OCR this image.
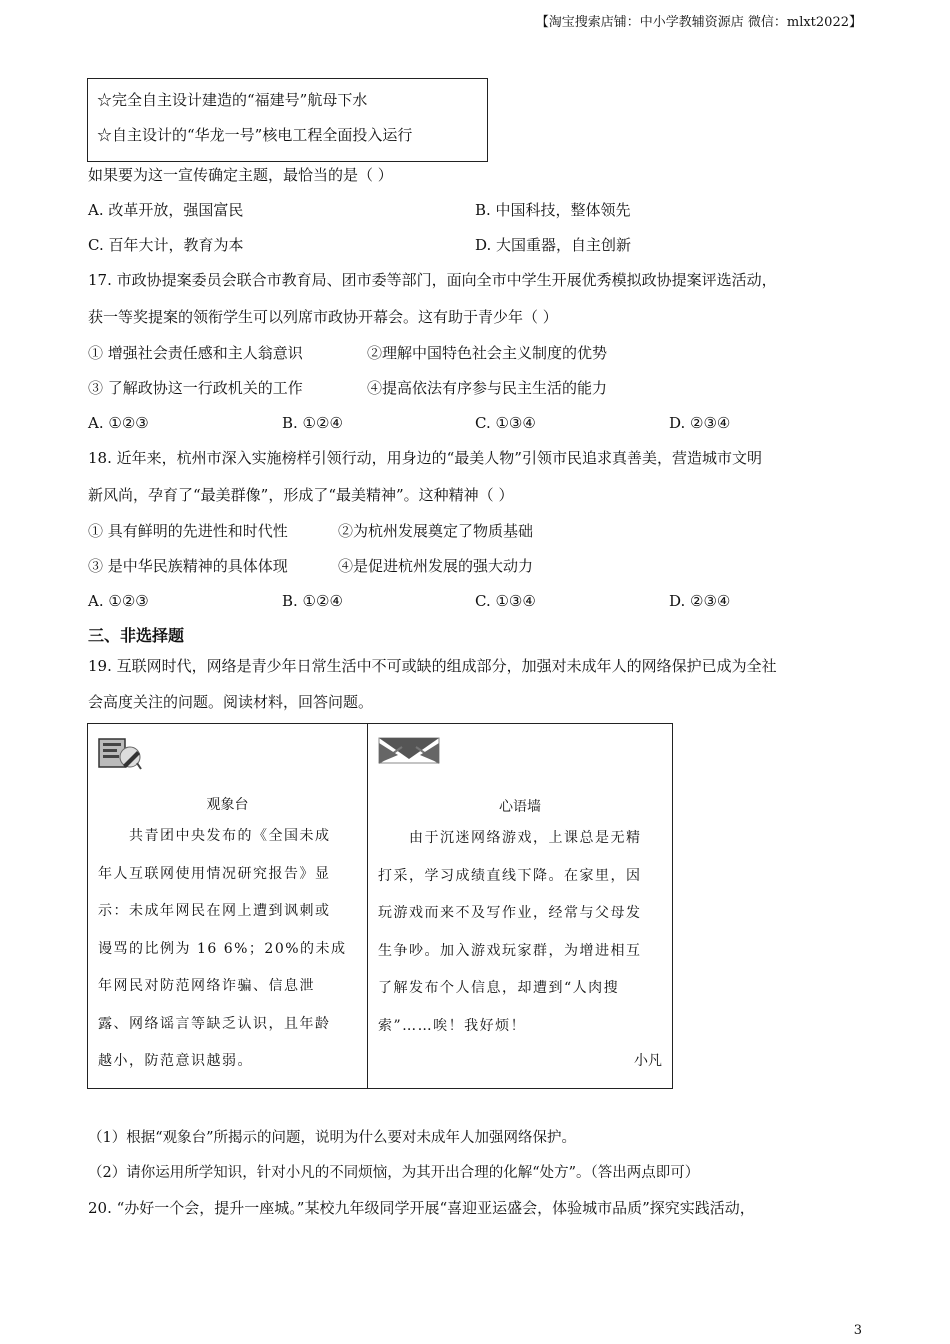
【淘宝搜索店铺：中小学教辅资源店 微信：mlxt2022】
☆完全自主设计建造的“福建号”航母下水
☆自主设计的“华龙一号”核电工程全面投入运行
如果要为这一宣传确定主题，最恰当的是（ ）
A. 改革开放，强国富民	B. 中国科技，整体领先
C. 百年大计，教育为本	D. 大国重器，自主创新
17. 市政协提案委员会联合市教育局、团市委等部门，面向全市中学生开展优秀模拟政协提案评选活动，
获一等奖提案的领衔学生可以列席市政协开幕会。这有助于青少年（ ）
① 增强社会责任感和主人翁意识	②理解中国特色社会主义制度的优势
③ 了解政协这一行政机关的工作	④提高依法有序参与民主生活的能力
A. ①②③	B. ①②④	C. ①③④	D. ②③④
18. 近年来，杭州市深入实施榜样引领行动，用身边的“最美人物”引领市民追求真善美，营造城市文明
新风尚，孕育了“最美群像”，形成了“最美精神”。这种精神（ ）
① 具有鲜明的先进性和时代性	②为杭州发展奠定了物质基础
③ 是中华民族精神的具体体现	④是促进杭州发展的强大动力
A. ①②③	B. ①②④	C. ①③④	D. ②③④
三、非选择题
19. 互联网时代，网络是青少年日常生活中不可或缺的组成部分，加强对未成年人的网络保护已成为全社
会高度关注的问题。阅读材料，回答问题。
观象台
　　共青团中央发布的《全国未成
年人互联网使用情况研究报告》显
示：未成年网民在网上遭到讽刺或
谩骂的比例为 16 6%；20%的未成
年网民对防范网络诈骗、信息泄
露、网络谣言等缺乏认识，且年龄
越小，防范意识越弱。
心语墙
　　由于沉迷网络游戏，上课总是无精
打采，学习成绩直线下降。在家里，因
玩游戏而来不及写作业，经常与父母发
生争吵。加入游戏玩家群，为增进相互
了解发布个人信息，却遭到“人肉搜
索”……唉！我好烦！
小凡
（1）根据“观象台”所揭示的问题，说明为什么要对未成年人加强网络保护。
（2）请你运用所学知识，针对小凡的不同烦恼，为其开出合理的化解“处方”。（答出两点即可）
20. “办好一个会，提升一座城。”某校九年级同学开展“喜迎亚运盛会，体验城市品质”探究实践活动，
3
